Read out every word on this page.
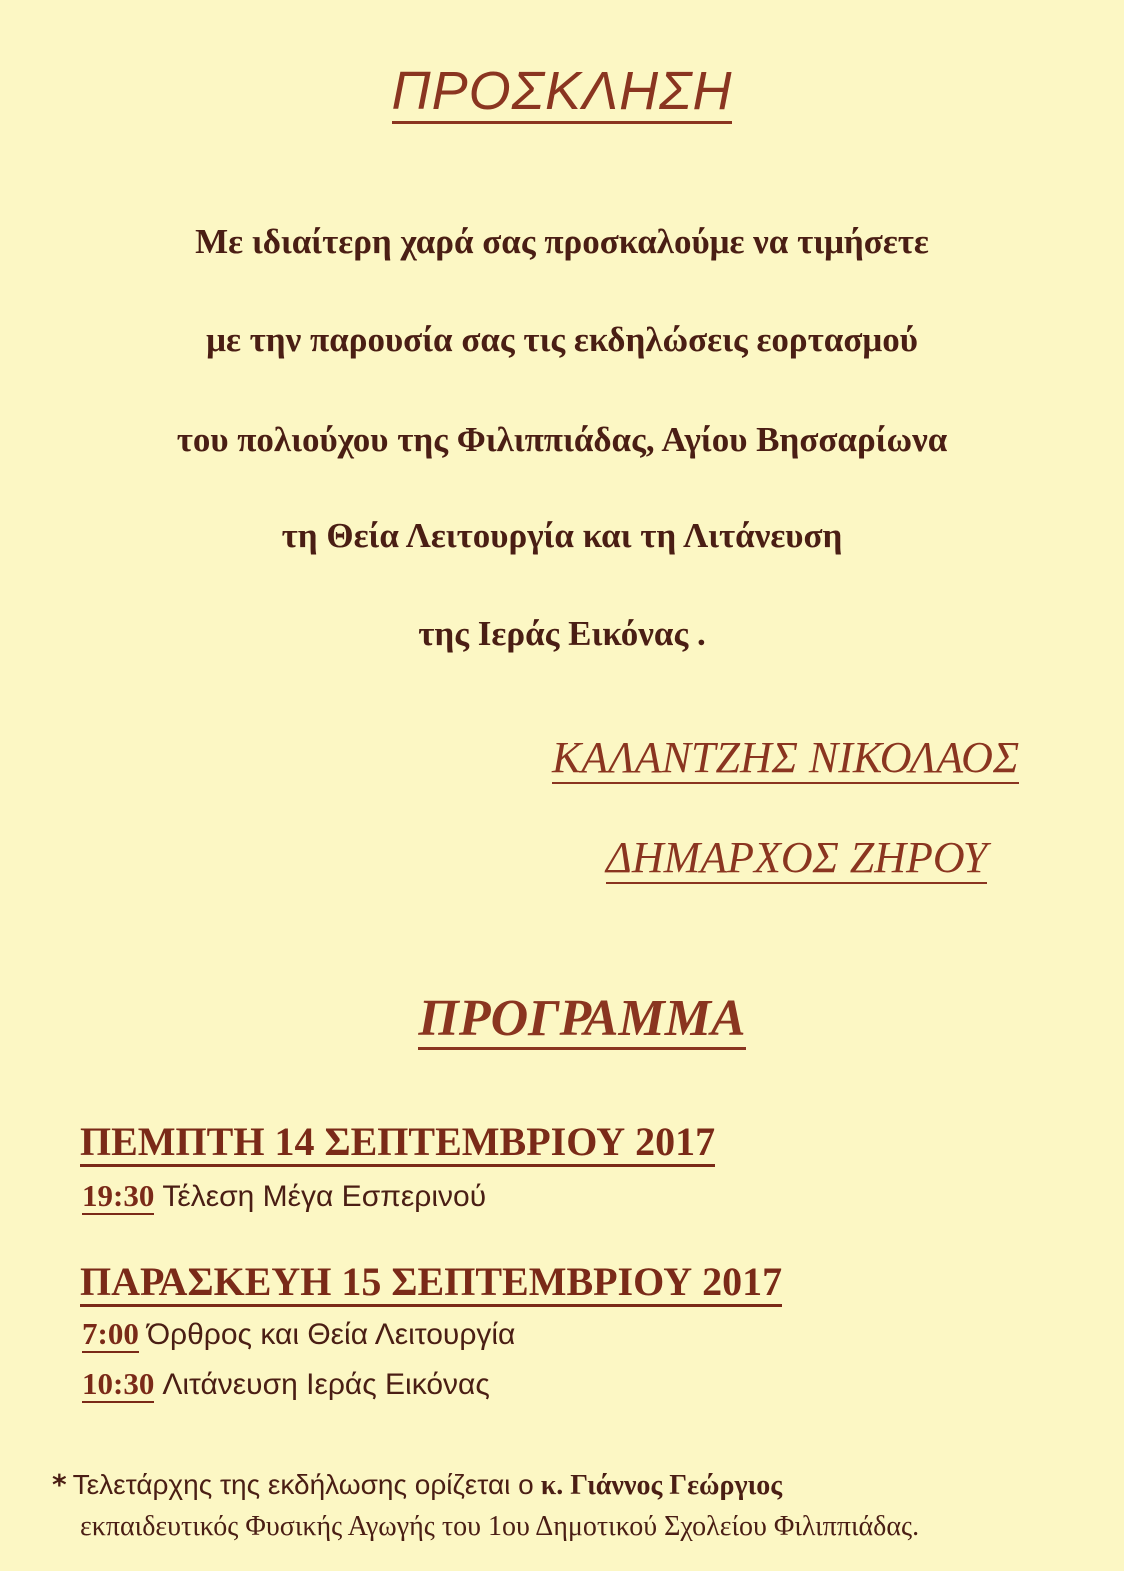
ΠΡΟΣΚΛΗΣΗ
Με ιδιαίτερη χαρά σας προσκαλούμε να τιμήσετε
με την παρουσία σας τις εκδηλώσεις εορτασμού
του πολιούχου της Φιλιππιάδας, Αγίου Βησσαρίωνα
τη Θεία Λειτουργία και τη Λιτάνευση
της Ιεράς Εικόνας .
ΚΑΛΑΝΤΖΗΣ ΝΙΚΟΛΑΟΣ
ΔΗΜΑΡΧΟΣ ΖΗΡΟΥ
ΠΡΟΓΡΑΜΜΑ
ΠΕΜΠΤΗ 14 ΣΕΠΤΕΜΒΡΙΟΥ 2017
19:30 Τέλεση Μέγα Εσπερινού
ΠΑΡΑΣΚΕΥΗ 15 ΣΕΠΤΕΜΒΡΙΟΥ 2017
7:00 Όρθρος και Θεία Λειτουργία
10:30 Λιτάνευση Ιεράς Εικόνας
* Τελετάρχης της εκδήλωσης ορίζεται ο κ. Γιάννος Γεώργιος
εκπαιδευτικός Φυσικής Αγωγής του 1ου Δημοτικού Σχολείου Φιλιππιάδας.
